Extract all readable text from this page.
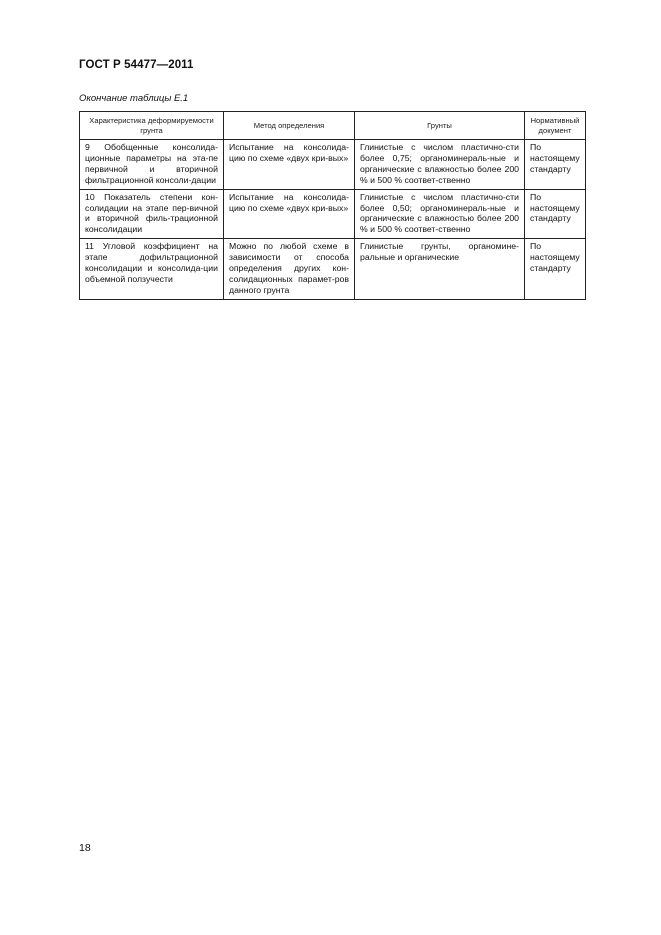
ГОСТ Р 54477—2011
Окончание таблицы Е.1
Характеристика деформируемости грунта	Метод определения	Грунты	Нормативный документ
9 Обобщенные консолида-ционные параметры на эта-пе первичной и вторичной фильтрационной консоли-дации	Испытание на консолида-цию по схеме «двух кри-вых»	Глинистые с числом пластично-сти более 0,75; органоминераль-ные и органические с влажностью более 200 % и 500 % соответ-ственно	По настоящему стандарту
10 Показатель степени кон-солидации на этапе пер-вичной и вторичной филь-трационной консолидации	Испытание на консолида-цию по схеме «двух кри-вых»	Глинистые с числом пластично-сти более 0,50; органоминераль-ные и органические с влажностью более 200 % и 500 % соответ-ственно	По настоящему стандарту
11 Угловой коэффициент на этапе дофильтрационной консолидации и консолида-ции объемной ползучести	Можно по любой схеме в зависимости от способа определения других кон-солидационных парамет-ров данного грунта	Глинистые грунты, органомине-ральные и органические	По настоящему стандарту
18
